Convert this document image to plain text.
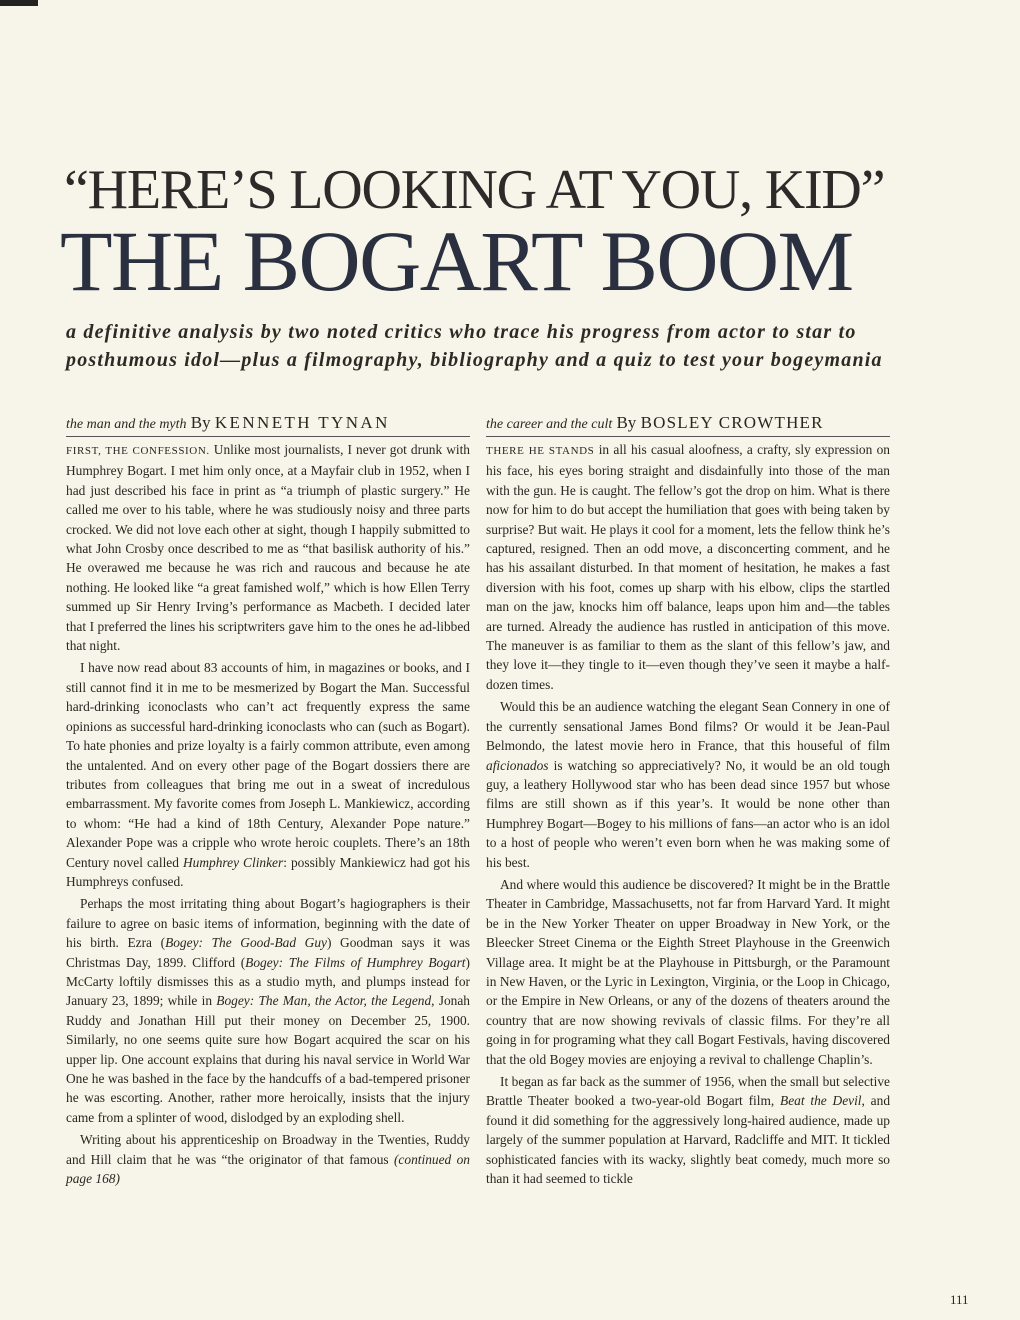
“HERE’S LOOKING AT YOU, KID”
THE BOGART BOOM
a definitive analysis by two noted critics who trace his progress from actor to star to
posthumous idol—plus a filmography, bibliography and a quiz to test your bogeymania
the man and the myth By KENNETH TYNAN

FIRST, THE CONFESSION. Unlike most journalists, I never got drunk with Humphrey Bogart. I met him only once, at a Mayfair club in 1952, when I had just described his face in print as “a triumph of plastic surgery.” He called me over to his table, where he was studiously noisy and three parts crocked. We did not love each other at sight, though I happily submitted to what John Crosby once described to me as “that basilisk authority of his.” He overawed me because he was rich and raucous and because he ate nothing. He looked like “a great famished wolf,” which is how Ellen Terry summed up Sir Henry Irving’s performance as Macbeth. I decided later that I preferred the lines his scriptwriters gave him to the ones he ad-libbed that night.

I have now read about 83 accounts of him, in magazines or books, and I still cannot find it in me to be mesmerized by Bogart the Man. Successful hard-drinking iconoclasts who can’t act frequently express the same opinions as successful hard-drinking iconoclasts who can (such as Bogart). To hate phonies and prize loyalty is a fairly common attribute, even among the untalented. And on every other page of the Bogart dossiers there are tributes from colleagues that bring me out in a sweat of incredulous embarrassment. My favorite comes from Joseph L. Mankiewicz, according to whom: “He had a kind of 18th Century, Alexander Pope nature.” Alexander Pope was a cripple who wrote heroic couplets. There’s an 18th Century novel called Humphrey Clinker: possibly Mankiewicz had got his Humphreys confused.

Perhaps the most irritating thing about Bogart’s hagiographers is their failure to agree on basic items of information, beginning with the date of his birth. Ezra (Bogey: The Good-Bad Guy) Goodman says it was Christmas Day, 1899. Clifford (Bogey: The Films of Humphrey Bogart) McCarty loftily dismisses this as a studio myth, and plumps instead for January 23, 1899; while in Bogey: The Man, the Actor, the Legend, Jonah Ruddy and Jonathan Hill put their money on December 25, 1900. Similarly, no one seems quite sure how Bogart acquired the scar on his upper lip. One account explains that during his naval service in World War One he was bashed in the face by the handcuffs of a bad-tempered prisoner he was escorting. Another, rather more heroically, insists that the injury came from a splinter of wood, dislodged by an exploding shell.

Writing about his apprenticeship on Broadway in the Twenties, Ruddy and Hill claim that he was “the originator of that famous (continued on page 168)

the career and the cult By BOSLEY CROWTHER

THERE HE STANDS in all his casual aloofness, a crafty, sly expression on his face, his eyes boring straight and disdainfully into those of the man with the gun. He is caught. The fellow’s got the drop on him. What is there now for him to do but accept the humiliation that goes with being taken by surprise? But wait. He plays it cool for a moment, lets the fellow think he’s captured, resigned. Then an odd move, a disconcerting comment, and he has his assailant disturbed. In that moment of hesitation, he makes a fast diversion with his foot, comes up sharp with his elbow, clips the startled man on the jaw, knocks him off balance, leaps upon him and—the tables are turned. Already the audience has rustled in anticipation of this move. The maneuver is as familiar to them as the slant of this fellow’s jaw, and they love it—they tingle to it—even though they’ve seen it maybe a half-dozen times.

Would this be an audience watching the elegant Sean Connery in one of the currently sensational James Bond films? Or would it be Jean-Paul Belmondo, the latest movie hero in France, that this houseful of film aficionados is watching so appreciatively? No, it would be an old tough guy, a leathery Hollywood star who has been dead since 1957 but whose films are still shown as if this year’s. It would be none other than Humphrey Bogart—Bogey to his millions of fans—an actor who is an idol to a host of people who weren’t even born when he was making some of his best.

And where would this audience be discovered? It might be in the Brattle Theater in Cambridge, Massachusetts, not far from Harvard Yard. It might be in the New Yorker Theater on upper Broadway in New York, or the Bleecker Street Cinema or the Eighth Street Playhouse in the Greenwich Village area. It might be at the Playhouse in Pittsburgh, or the Paramount in New Haven, or the Lyric in Lexington, Virginia, or the Loop in Chicago, or the Empire in New Orleans, or any of the dozens of theaters around the country that are now showing revivals of classic films. For they’re all going in for programing what they call Bogart Festivals, having discovered that the old Bogey movies are enjoying a revival to challenge Chaplin’s.

It began as far back as the summer of 1956, when the small but selective Brattle Theater booked a two-year-old Bogart film, Beat the Devil, and found it did something for the aggressively long-haired audience, made up largely of the summer population at Harvard, Radcliffe and MIT. It tickled sophisticated fancies with its wacky, slightly beat comedy, much more so than it had seemed to tickle

111
